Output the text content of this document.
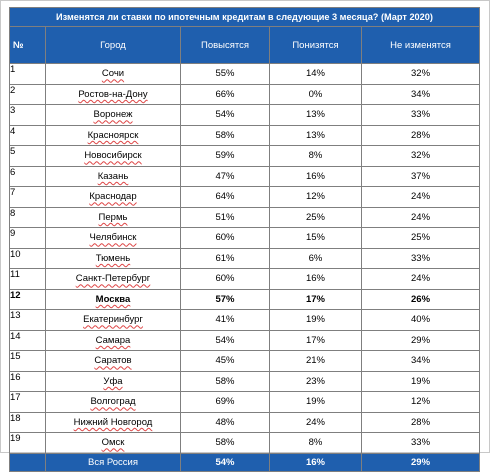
Изменятся ли ставки по ипотечным кредитам в следующие 3 месяца? (Март 2020)				
№	Город	Повысятся	Понизятся	Не изменятся
1	Сочи	55%	14%	32%
2	Ростов-на-Дону	66%	0%	34%
3	Воронеж	54%	13%	33%
4	Красноярск	58%	13%	28%
5	Новосибирск	59%	8%	32%
6	Казань	47%	16%	37%
7	Краснодар	64%	12%	24%
8	Пермь	51%	25%	24%
9	Челябинск	60%	15%	25%
10	Тюмень	61%	6%	33%
11	Санкт-Петербург	60%	16%	24%
12	Москва	57%	17%	26%
13	Екатеринбург	41%	19%	40%
14	Самара	54%	17%	29%
15	Саратов	45%	21%	34%
16	Уфа	58%	23%	19%
17	Волгоград	69%	19%	12%
18	Нижний Новгород	48%	24%	28%
19	Омск	58%	8%	33%
	Вся Россия	54%	16%	29%
